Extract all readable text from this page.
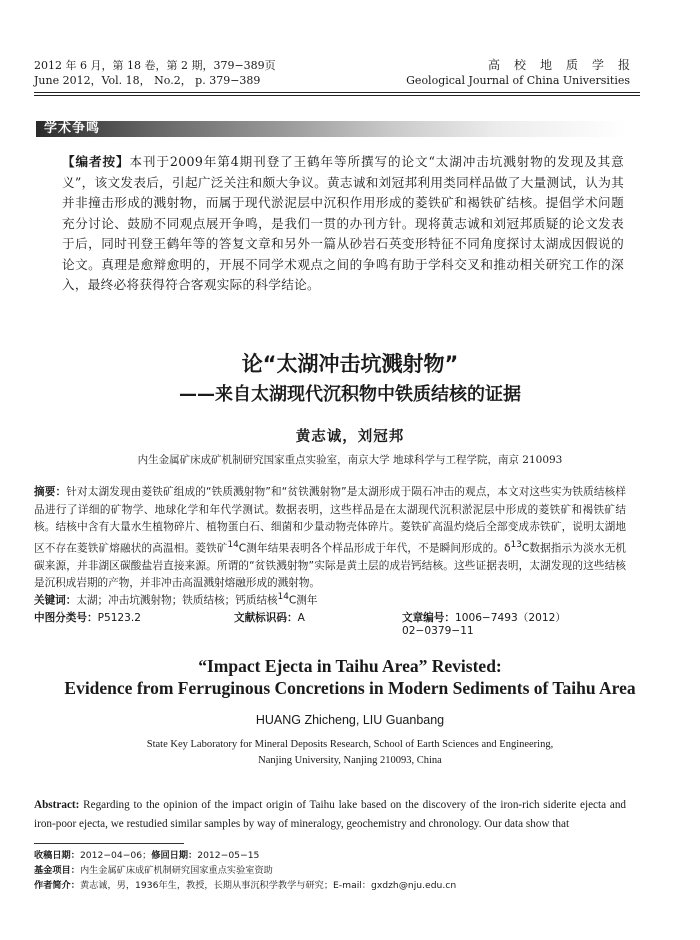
2012 年 6 月，第 18 卷，第 2 期，379−389页
June 2012，Vol. 18， No.2， p. 379−389
高校地质学报
Geological Journal of China Universities
学术争鸣
【编者按】本刊于2009年第4期刊登了王鹤年等所撰写的论文“太湖冲击坑溅射物的发现及其意义”，该文发表后，引起广泛关注和颇大争议。黄志诚和刘冠邦利用类同样品做了大量测试，认为其并非撞击形成的溅射物，而属于现代淤泥层中沉积作用形成的菱铁矿和褐铁矿结核。提倡学术问题充分讨论、鼓励不同观点展开争鸣，是我们一贯的办刊方针。现将黄志诚和刘冠邦质疑的论文发表于后，同时刊登王鹤年等的答复文章和另外一篇从砂岩石英变形特征不同角度探讨太湖成因假说的论文。真理是愈辩愈明的，开展不同学术观点之间的争鸣有助于学科交叉和推动相关研究工作的深入，最终必将获得符合客观实际的科学结论。
论“太湖冲击坑溅射物”
——来自太湖现代沉积物中铁质结核的证据
黄志诚，刘冠邦
内生金属矿床成矿机制研究国家重点实验室，南京大学 地球科学与工程学院，南京 210093
摘要：针对太湖发现由菱铁矿组成的“铁质溅射物”和“贫铁溅射物”是太湖形成于陨石冲击的观点，本文对这些实为铁质结核样品进行了详细的矿物学、地球化学和年代学测试。数据表明，这些样品是在太湖现代沉积淤泥层中形成的菱铁矿和褐铁矿结核。结核中含有大量水生植物碎片、植物蛋白石、细菌和少量动物壳体碎片。菱铁矿高温灼烧后全部变成赤铁矿，说明太湖地区不存在菱铁矿熔融状的高温相。菱铁矿$^{14}$C测年结果表明各个样品形成于年代，不是瞬间形成的。$\delta^{13}C$数据指示为淡水无机碳来源，并非湖区碳酸盐岩直接来源。所谓的“贫铁溅射物”实际是黄土层的成岩钙结核。这些证据表明，太湖发现的这些结核是沉积成岩期的产物，并非冲击高温溅射熔融形成的溅射物。
关键词：太湖；冲击坑溅射物；铁质结核；钙质结核$^{14}$C测年
中图分类号：P5123.2	文献标识码：A	文章编号：1006−7493（2012）02−0379−11
“Impact Ejecta in Taihu Area” Revisted:
Evidence from Ferruginous Concretions in Modern Sediments of Taihu Area
HUANG Zhicheng, LIU Guanbang
State Key Laboratory for Mineral Deposits Research, School of Earth Sciences and Engineering,
Nanjing University, Nanjing 210093, China
Abstract: Regarding to the opinion of the impact origin of Taihu lake based on the discovery of the iron-rich siderite ejecta and iron-poor ejecta, we restudied similar samples by way of mineralogy, geochemistry and chronology. Our data show that
收稿日期：2012−04−06；修回日期：2012−05−15
基金项目：内生金属矿床成矿机制研究国家重点实验室资助
作者简介：黄志诚，男，1936年生，教授，长期从事沉积学教学与研究；E-mail：gxdzh@nju.edu.cn
